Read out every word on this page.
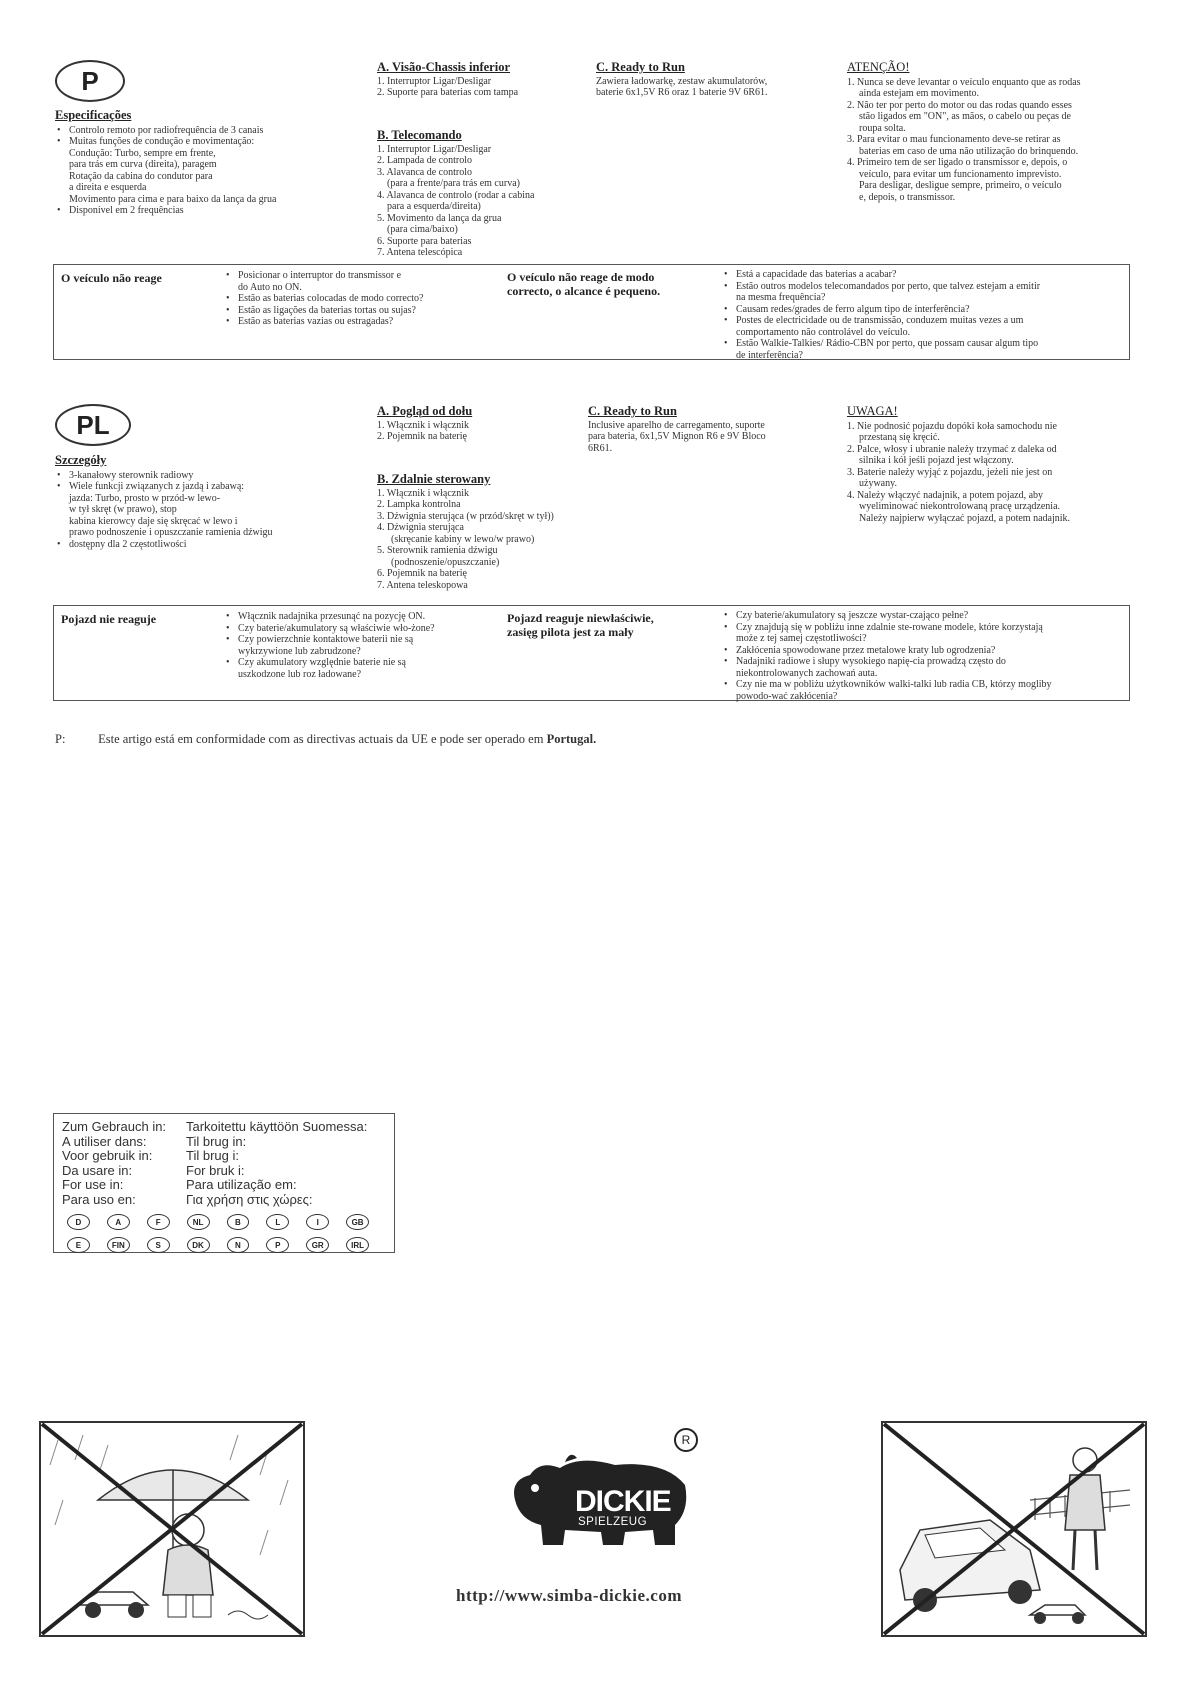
P
Especificações
• Controlo remoto por radiofrequência de 3 canais
• Muitas funções de condução e movimentação:
Condução: Turbo, sempre em frente,
para trás em curva (direita), paragem
Rotação da cabina do condutor para
a direita e esquerda
Movimento para cima e para baixo da lança da grua
• Disponível em 2 frequências
A. Visão-Chassis inferior
1. Interruptor Ligar/Desligar
2. Suporte para baterias com tampa
B. Telecomando
1. Interruptor Ligar/Desligar
2. Lampada de controlo
3. Alavanca de controlo
(para a frente/para trás em curva)
4. Alavanca de controlo (rodar a cabina
para a esquerda/direita)
5. Movimento da lança da grua
(para cima/baixo)
6. Suporte para baterias
7. Antena telescópica
C. Ready to Run
Zawiera ładowarkę, zestaw akumulatorów,
baterie 6x1,5V R6 oraz 1 baterie 9V 6R61.
ATENÇÃO!
1. Nunca se deve levantar o veículo enquanto que as rodas
ainda estejam em movimento.
2. Não ter por perto do motor ou das rodas quando esses
stão ligados em "ON", as mãos, o cabelo ou peças de
roupa solta.
3. Para evitar o mau funcionamento deve-se retirar as
baterias em caso de uma não utilização do brinquendo.
4. Primeiro tem de ser ligado o transmissor e, depois, o
veículo, para evitar um funcionamento imprevisto.
Para desligar, desligue sempre, primeiro, o veículo
e, depois, o transmissor.
O veículo não reage	• Posicionar o interruptor do transmissor e
do Auto no ON.
• Estão as baterias colocadas de modo correcto?
• Estão as ligações da baterias tortas ou sujas?
• Estão as baterias vazias ou estragadas?
O veículo não reage de modo
correcto, o alcance é pequeno.
• Está a capacidade das baterias a acabar?
• Estão outros modelos telecomandados por perto, que talvez estejam a emitir
na mesma frequência?
• Causam redes/grades de ferro algum tipo de interferência?
• Postes de electricidade ou de transmissão, conduzem muitas vezes a um
comportamento não controlável do veículo.
• Estão Walkie-Talkies/ Rádio-CBN por perto, que possam causar algum tipo
de interferência?
PL
Szczegóły
• 3-kanałowy sterownik radiowy
• Wiele funkcji związanych z jazdą i zabawą:
jazda: Turbo, prosto w przód-w lewo-
w tył skręt (w prawo), stop
kabina kierowcy daje się skręcać w lewo i
prawo podnoszenie i opuszczanie ramienia dźwigu
• dostępny dla 2 częstotliwości
A. Pogląd od dołu
1. Włącznik i włącznik
2. Pojemnik na baterię
B. Zdalnie sterowany
1. Włącznik i włącznik
2. Lampka kontrolna
3. Dźwignia sterująca (w przód/skręt w tył))
4. Dźwignia sterująca
(skręcanie kabiny w lewo/w prawo)
5. Sterownik ramienia dźwigu
(podnoszenie/opuszczanie)
6. Pojemnik na baterię
7. Antena teleskopowa
C. Ready to Run
Inclusive aparelho de carregamento, suporte
para bateria, 6x1,5V Mignon R6 e 9V Bloco
6R61.
UWAGA!
1. Nie podnosić pojazdu dopóki koła samochodu nie
przestaną się kręcić.
2. Palce, włosy i ubranie należy trzymać z daleka od
silnika i kół jeśli pojazd jest włączony.
3. Baterie należy wyjąć z pojazdu, jeżeli nie jest on
używany.
4. Należy włączyć nadajnik, a potem pojazd, aby
wyeliminować niekontrolowaną pracę urządzenia.
Należy najpierw wyłączać pojazd, a potem nadajnik.
Pojazd nie reaguje	• Włącznik nadajnika przesunąć na pozycję ON.
• Czy baterie/akumulatory są właściwie wło-żone?
• Czy powierzchnie kontaktowe baterii nie są
wykrzywione lub zabrudzone?
• Czy akumulatory względnie baterie nie są
uszkodzone lub roz ładowane?
Pojazd reaguje niewłaściwie,
zasięg pilota jest za mały
• Czy baterie/akumulatory są jeszcze wystar-czająco pełne?
• Czy znajdują się w pobliżu inne zdalnie ste-rowane modele, które korzystają
może z tej samej częstotliwości?
• Zakłócenia spowodowane przez metalowe kraty lub ogrodzenia?
• Nadajniki radiowe i słupy wysokiego napię-cia prowadzą często do
niekontrolowanych zachowań auta.
• Czy nie ma w pobliżu użytkowników walki-talki lub radia CB, którzy mogliby
powodo-wać zakłócenia?
P:	Este artigo está em conformidade com as directivas actuais da UE e pode ser operado em Portugal.
Zum Gebrauch in:
A utiliser dans:
Voor gebruik in:
Da usare in:
For use in:
Para uso en:
Tarkoitettu käyttöön Suomessa:
Til brug in:
Til brug i:
For bruk i:
Para utilização em:
Για χρήση στις χώρες:
D	A	F	NL	B	L	I	GB
E	FIN	S	DK	N	P	GR	IRL
DICKIE
SPIELZEUG
R
http://www.simba-dickie.com
